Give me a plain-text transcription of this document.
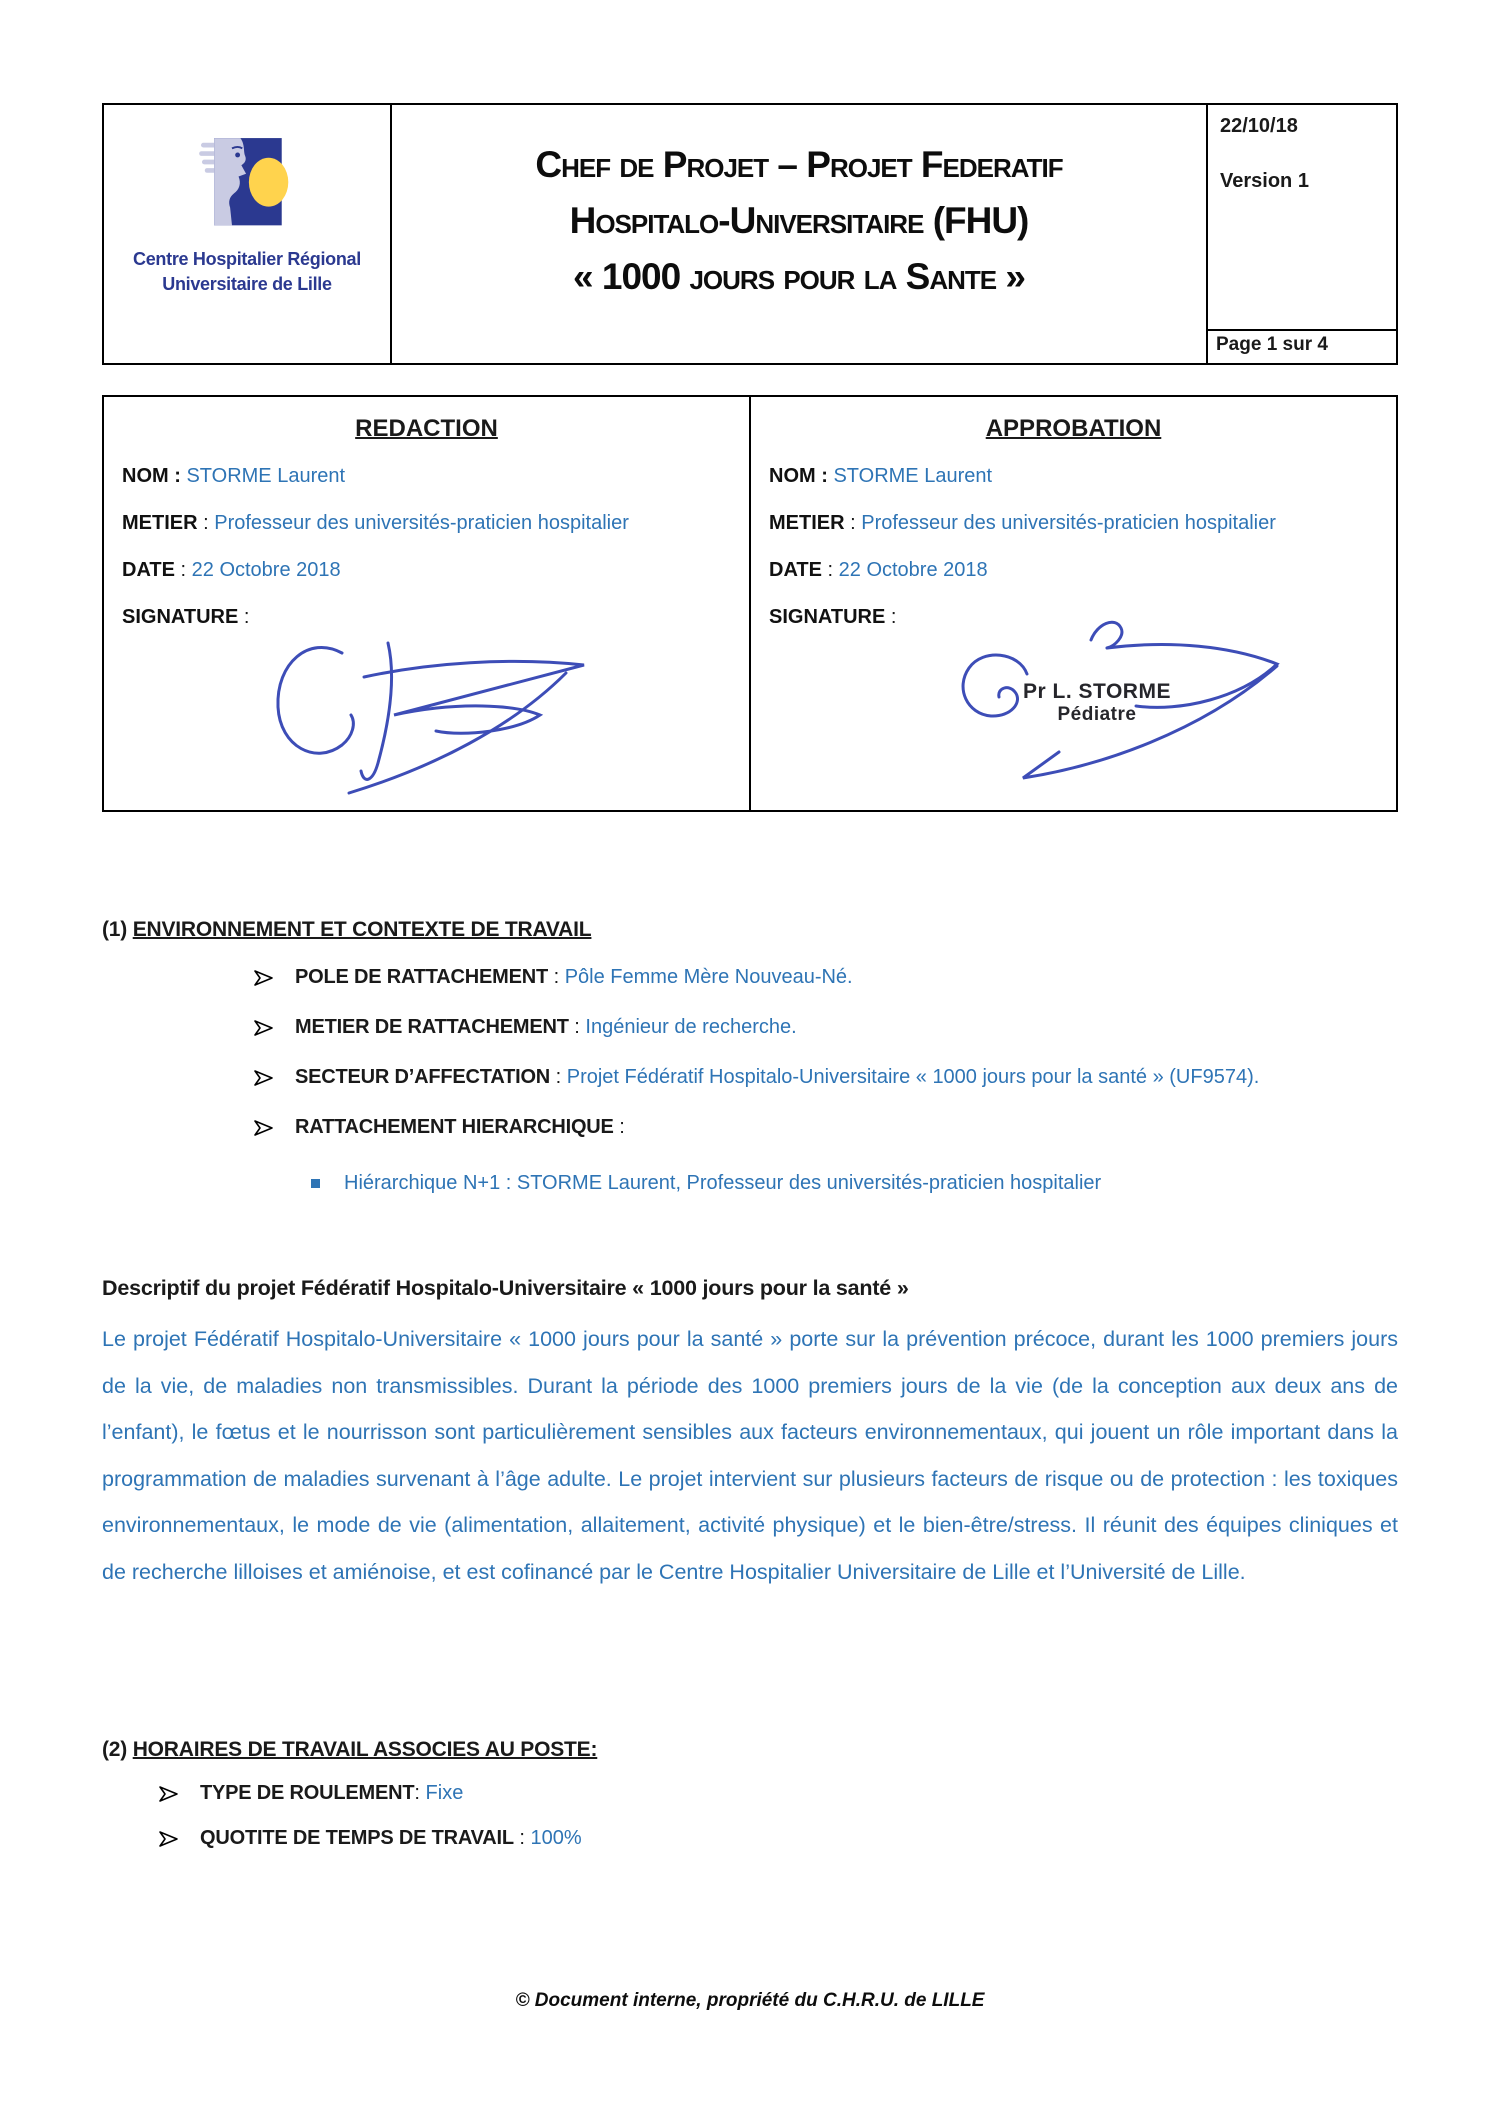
Centre Hospitalier Régional
Universitaire de Lille
Chef de Projet – Projet Federatif
Hospitalo-Universitaire (FHU)
« 1000 jours pour la Sante »
22/10/18
Version 1
Page 1 sur 4
REDACTION
NOM : STORME Laurent
METIER : Professeur des universités-praticien hospitalier
DATE : 22 Octobre 2018
SIGNATURE :
APPROBATION
NOM : STORME Laurent
METIER : Professeur des universités-praticien hospitalier
DATE : 22 Octobre 2018
SIGNATURE :
Pr L. STORME
Pédiatre
(1) ENVIRONNEMENT ET CONTEXTE DE TRAVAIL
POLE DE RATTACHEMENT : Pôle Femme Mère Nouveau-Né.
METIER DE RATTACHEMENT : Ingénieur de recherche.
SECTEUR D’AFFECTATION : Projet Fédératif Hospitalo-Universitaire « 1000 jours pour la santé » (UF9574).
RATTACHEMENT HIERARCHIQUE :
Hiérarchique N+1 : STORME Laurent, Professeur des universités-praticien hospitalier
Descriptif du projet Fédératif Hospitalo-Universitaire « 1000 jours pour la santé »
Le projet Fédératif Hospitalo-Universitaire « 1000 jours pour la santé » porte sur la prévention précoce, durant les 1000 premiers jours de la vie, de maladies non transmissibles. Durant la période des 1000 premiers jours de la vie (de la conception aux deux ans de l’enfant), le fœtus et le nourrisson sont particulièrement sensibles aux facteurs environnementaux, qui jouent un rôle important dans la programmation de maladies survenant à l’âge adulte. Le projet intervient sur plusieurs facteurs de risque ou de protection : les toxiques environnementaux, le mode de vie (alimentation, allaitement, activité physique) et le bien-être/stress. Il réunit des équipes cliniques et de recherche lilloises et amiénoise, et est cofinancé par le Centre Hospitalier Universitaire de Lille et l’Université de Lille.
(2) HORAIRES DE TRAVAIL ASSOCIES AU POSTE:
TYPE DE ROULEMENT: Fixe
QUOTITE DE TEMPS DE TRAVAIL : 100%
© Document interne, propriété du C.H.R.U. de LILLE
